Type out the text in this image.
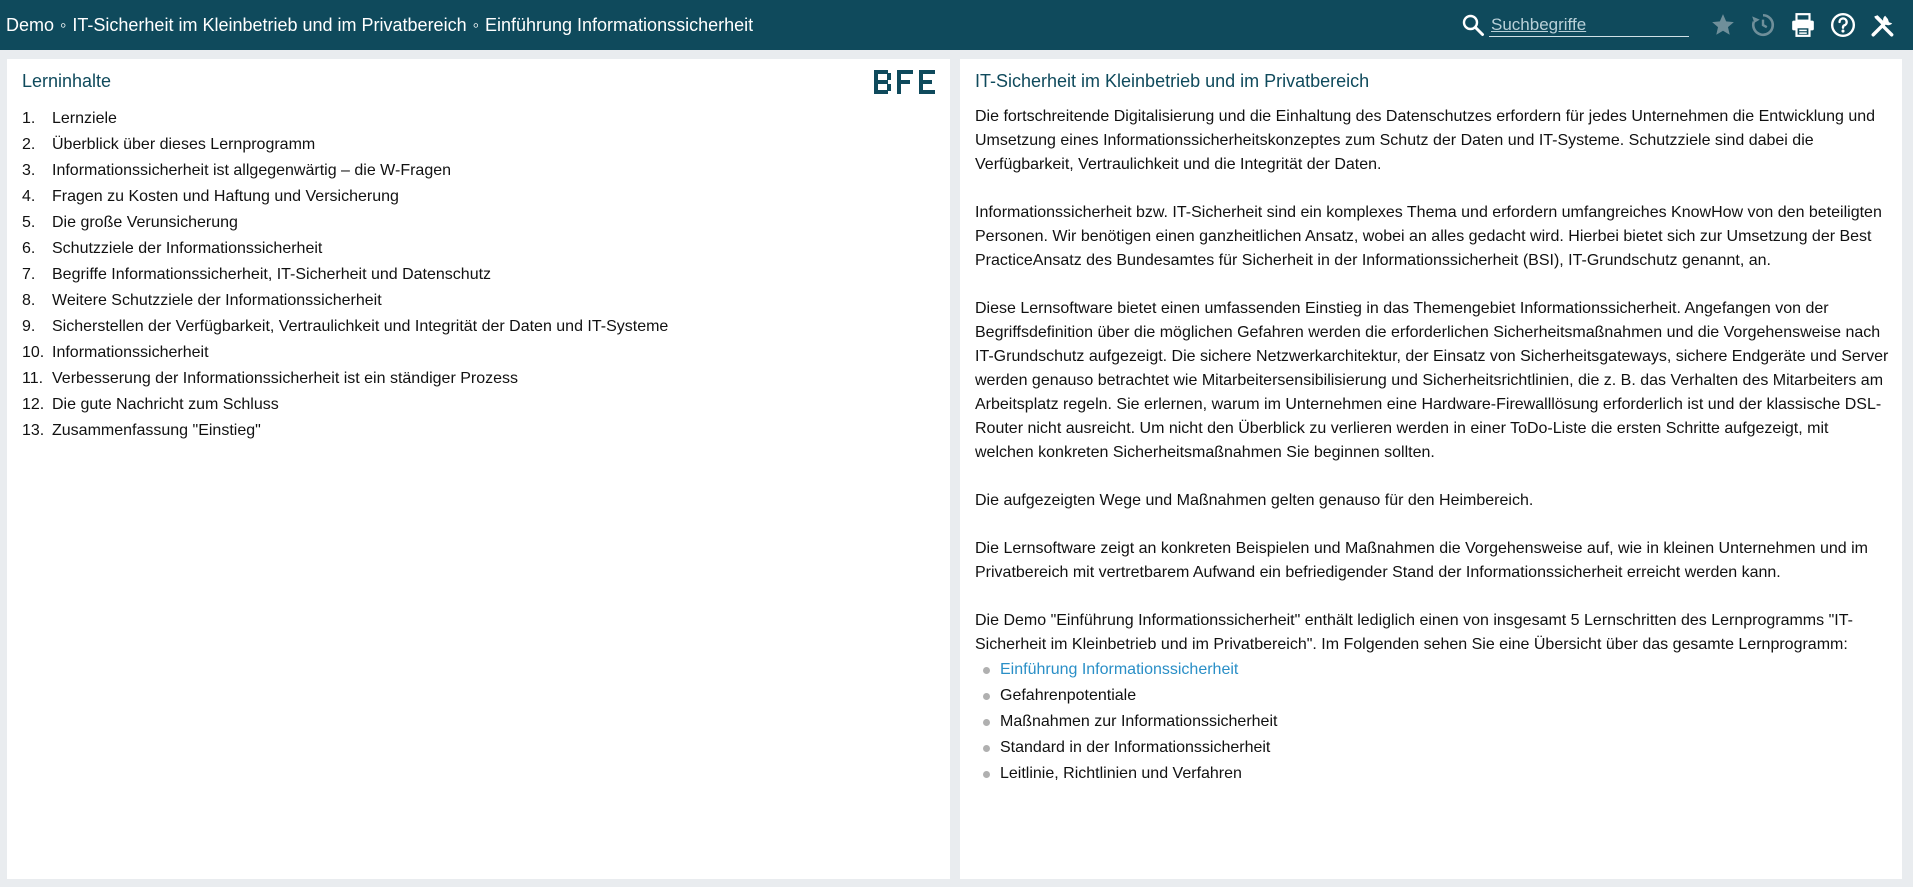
Demo ◦ IT-Sicherheit im Kleinbetrieb und im Privatbereich ◦ Einführung Informationssicherheit
Suchbegriffe
Lerninhalte
1.	Lernziele
2.	Überblick über dieses Lernprogramm
3.	Informationssicherheit ist allgegenwärtig – die W-Fragen
4.	Fragen zu Kosten und Haftung und Versicherung
5.	Die große Verunsicherung
6.	Schutzziele der Informationssicherheit
7.	Begriffe Informationssicherheit, IT-Sicherheit und Datenschutz
8.	Weitere Schutzziele der Informationssicherheit
9.	Sicherstellen der Verfügbarkeit, Vertraulichkeit und Integrität der Daten und IT-Systeme
10. Informationssicherheit
11. Verbesserung der Informationssicherheit ist ein ständiger Prozess
12. Die gute Nachricht zum Schluss
13. Zusammenfassung "Einstieg"
IT-Sicherheit im Kleinbetrieb und im Privatbereich

Die fortschreitende Digitalisierung und die Einhaltung des Datenschutzes erfordern für jedes Unternehmen die Entwicklung und Umsetzung eines Informationssicherheitskonzeptes zum Schutz der Daten und IT-Systeme. Schutzziele sind dabei die Verfügbarkeit, Vertraulichkeit und die Integrität der Daten.

Informationssicherheit bzw. IT-Sicherheit sind ein komplexes Thema und erfordern umfangreiches KnowHow von den beteiligten Personen. Wir benötigen einen ganzheitlichen Ansatz, wobei an alles gedacht wird. Hierbei bietet sich zur Umsetzung der Best PracticeAnsatz des Bundesamtes für Sicherheit in der Informationssicherheit (BSI), IT-Grundschutz genannt, an.

Diese Lernsoftware bietet einen umfassenden Einstieg in das Themengebiet Informationssicherheit. Angefangen von der Begriffsdefinition über die möglichen Gefahren werden die erforderlichen Sicherheitsmaßnahmen und die Vorgehensweise nach IT-Grundschutz aufgezeigt. Die sichere Netzwerkarchitektur, der Einsatz von Sicherheitsgateways, sichere Endgeräte und Server werden genauso betrachtet wie Mitarbeitersensibilisierung und Sicherheitsrichtlinien, die z. B. das Verhalten des Mitarbeiters am Arbeitsplatz regeln. Sie erlernen, warum im Unternehmen eine Hardware-Firewalllösung erforderlich ist und der klassische DSL-Router nicht ausreicht. Um nicht den Überblick zu verlieren werden in einer ToDo-Liste die ersten Schritte aufgezeigt, mit welchen konkreten Sicherheitsmaßnahmen Sie beginnen sollten.

Die aufgezeigten Wege und Maßnahmen gelten genauso für den Heimbereich.

Die Lernsoftware zeigt an konkreten Beispielen und Maßnahmen die Vorgehensweise auf, wie in kleinen Unternehmen und im Privatbereich mit vertretbarem Aufwand ein befriedigender Stand der Informationssicherheit erreicht werden kann.

Die Demo "Einführung Informationssicherheit" enthält lediglich einen von insgesamt 5 Lernschritten des Lernprogramms "IT-Sicherheit im Kleinbetrieb und im Privatbereich". Im Folgenden sehen Sie eine Übersicht über das gesamte Lernprogramm:

Einführung Informationssicherheit
Gefahrenpotentiale
Maßnahmen zur Informationssicherheit
Standard in der Informationssicherheit
Leitlinie, Richtlinien und Verfahren
